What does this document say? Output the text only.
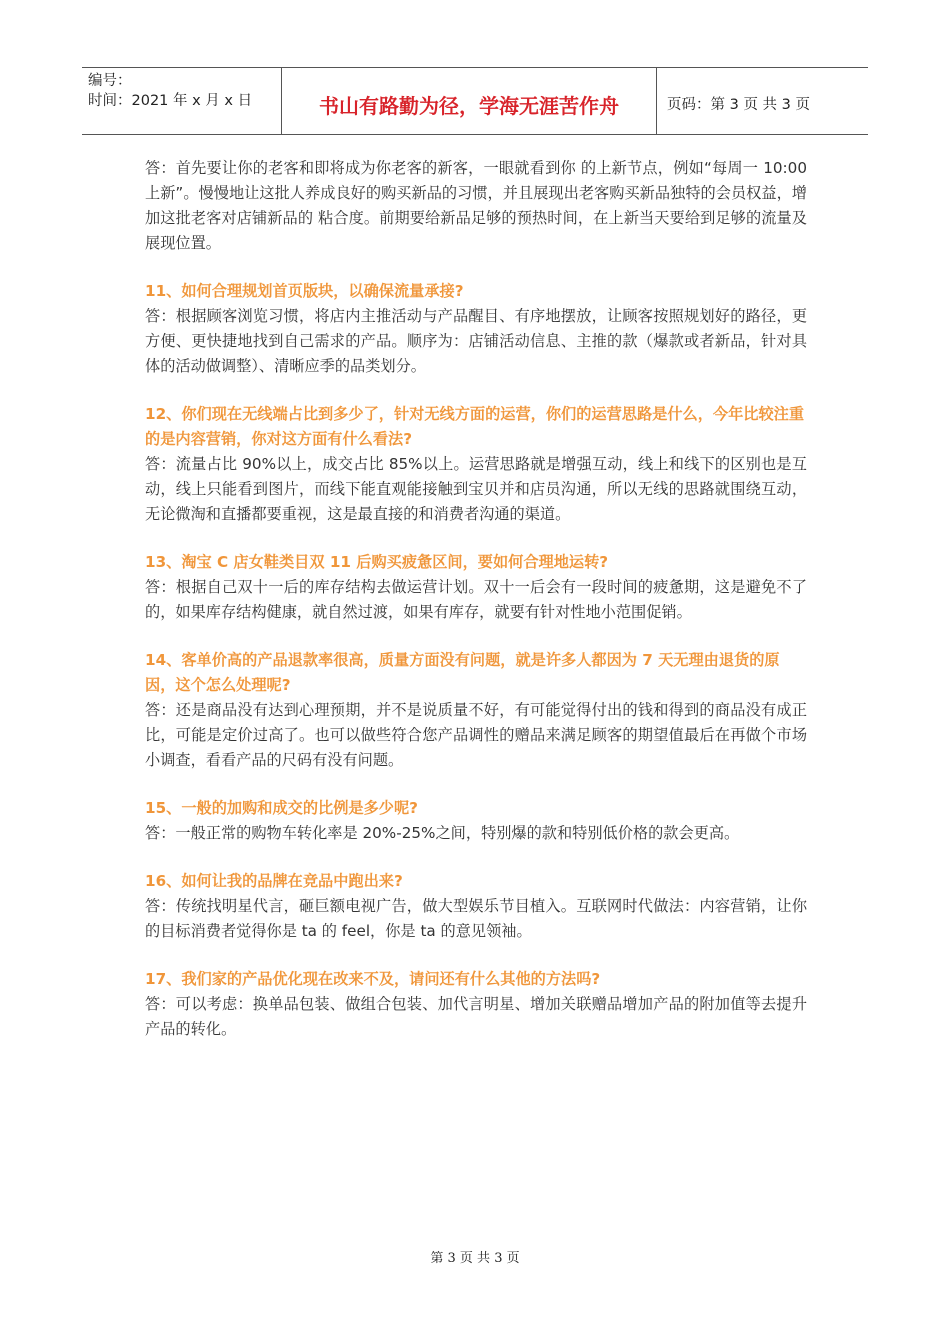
编号：
时间：2021 年 x 月 x 日	书山有路勤为径，学海无涯苦作舟	页码：第 3 页 共 3 页
答：首先要让你的老客和即将成为你老客的新客，一眼就看到你 的上新节点，例如“每周一 10:00 上新”。慢慢地让这批人养成良好的购买新品的习惯，并且展现出老客购买新品独特的会员权益，增加这批老客对店铺新品的 粘合度。前期要给新品足够的预热时间，在上新当天要给到足够的流量及展现位置。
11、如何合理规划首页版块，以确保流量承接?
答：根据顾客浏览习惯，将店内主推活动与产品醒目、有序地摆放，让顾客按照规划好的路径，更方便、更快捷地找到自己需求的产品。顺序为：店铺活动信息、主推的款（爆款或者新品，针对具体的活动做调整）、清晰应季的品类划分。
12、你们现在无线端占比到多少了，针对无线方面的运营，你们的运营思路是什么，今年比较注重的是内容营销，你对这方面有什么看法?
答：流量占比 90%以上，成交占比 85%以上。运营思路就是增强互动，线上和线下的区别也是互动，线上只能看到图片，而线下能直观能接触到宝贝并和店员沟通，所以无线的思路就围绕互动，无论微淘和直播都要重视，这是最直接的和消费者沟通的渠道。
13、淘宝 C 店女鞋类目双 11 后购买疲惫区间，要如何合理地运转?
答：根据自己双十一后的库存结构去做运营计划。双十一后会有一段时间的疲惫期，这是避免不了的，如果库存结构健康，就自然过渡，如果有库存，就要有针对性地小范围促销。
14、客单价高的产品退款率很高，质量方面没有问题，就是许多人都因为 7 天无理由退货的原因，这个怎么处理呢?
答：还是商品没有达到心理预期，并不是说质量不好，有可能觉得付出的钱和得到的商品没有成正比，可能是定价过高了。也可以做些符合您产品调性的赠品来满足顾客的期望值最后在再做个市场小调查，看看产品的尺码有没有问题。
15、一般的加购和成交的比例是多少呢?
答：一般正常的购物车转化率是 20%-25%之间，特别爆的款和特别低价格的款会更高。
16、如何让我的品牌在竞品中跑出来?
答：传统找明星代言，砸巨额电视广告，做大型娱乐节目植入。互联网时代做法：内容营销，让你的目标消费者觉得你是 ta 的 feel，你是 ta 的意见领袖。
17、我们家的产品优化现在改来不及，请问还有什么其他的方法吗?
答：可以考虑：换单品包装、做组合包装、加代言明星、增加关联赠品增加产品的附加值等去提升产品的转化。
第 3 页 共 3 页
